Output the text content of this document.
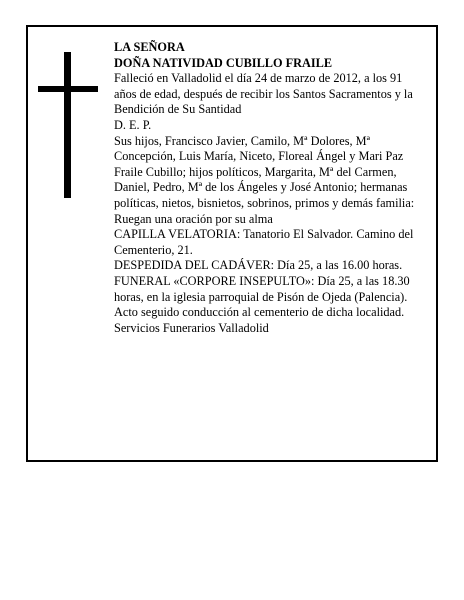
LA SEÑORA

DOÑA NATIVIDAD CUBILLO FRAILE

Falleció en Valladolid el día 24 de marzo de 2012, a los 91 años de edad, después de recibir los Santos Sacramentos y la Bendición de Su Santidad

D. E. P.

Sus hijos, Francisco Javier, Camilo, Mª Dolores, Mª Concepción, Luis María, Niceto, Floreal Ángel y Mari Paz Fraile Cubillo; hijos políticos, Margarita, Mª del Carmen, Daniel, Pedro, Mª de los Ángeles y José Antonio; hermanas políticas, nietos, bisnietos, sobrinos, primos y demás familia:

Ruegan una oración por su alma

CAPILLA VELATORIA: Tanatorio El Salvador. Camino del Cementerio, 21.

DESPEDIDA DEL CADÁVER: Día 25, a las 16.00 horas.

FUNERAL «CORPORE INSEPULTO»: Día 25, a las 18.30 horas, en la iglesia parroquial de Pisón de Ojeda (Palencia). Acto seguido conducción al cementerio de dicha localidad.

Servicios Funerarios Valladolid
